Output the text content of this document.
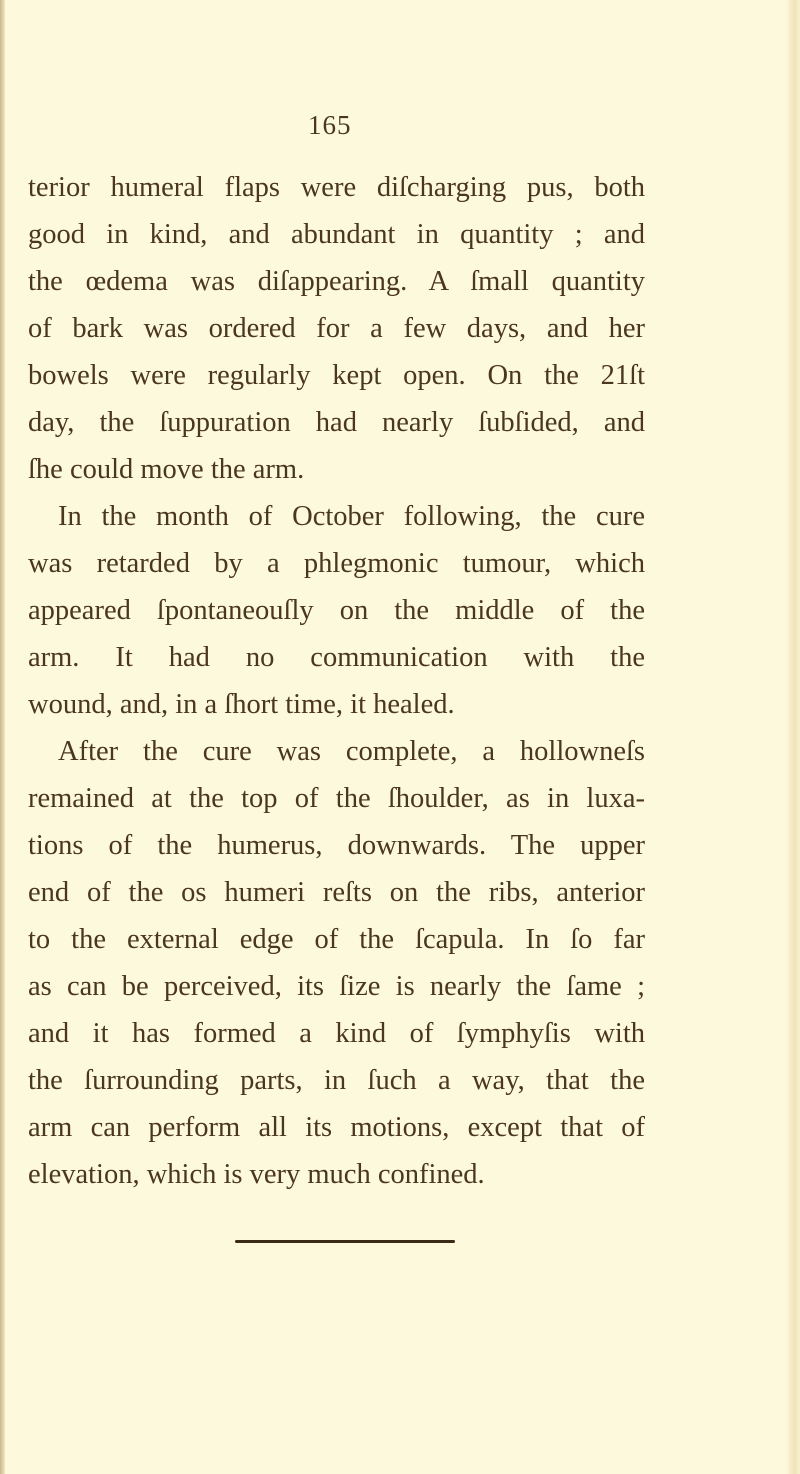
165
terior humeral flaps were diſcharging pus, both
good in kind, and abundant in quantity ; and
the œdema was diſappearing. A ſmall quantity
of bark was ordered for a few days, and her
bowels were regularly kept open. On the 21ſt
day, the ſuppuration had nearly ſubſided, and
ſhe could move the arm.
In the month of October following, the cure
was retarded by a phlegmonic tumour, which
appeared ſpontaneouſly on the middle of the
arm. It had no communication with the
wound, and, in a ſhort time, it healed.
After the cure was complete, a hollowneſs
remained at the top of the ſhoulder, as in luxa-
tions of the humerus, downwards. The upper
end of the os humeri reſts on the ribs, anterior
to the external edge of the ſcapula. In ſo far
as can be perceived, its ſize is nearly the ſame ;
and it has formed a kind of ſymphyſis with
the ſurrounding parts, in ſuch a way, that the
arm can perform all its motions, except that of
elevation, which is very much confined.
